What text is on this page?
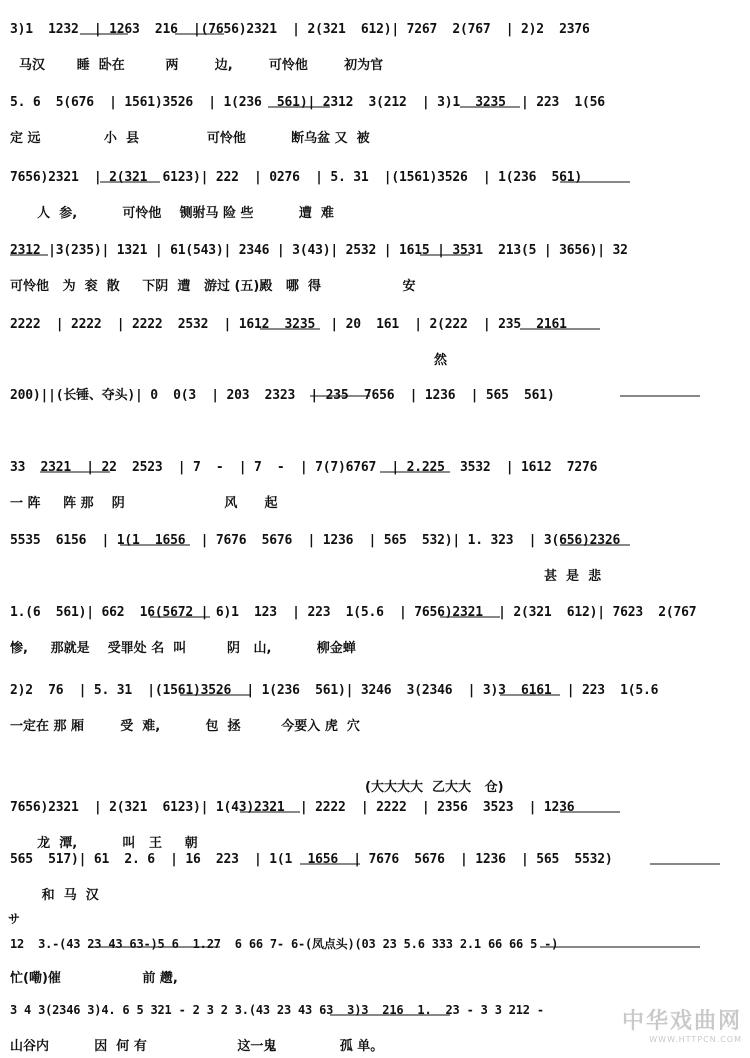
3)1  1232  | 1263  216  |(7656)2321  | 2(321  612)| 7267  2(767  | 2)2  2376
马汉       睡  卧在         两        边,        可怜他        初为官
5. 6  5(676  | 1561)3526  | 1(236  561)| 2312  3(212  | 3)1  3235  | 223  1(56
定 远              小  县               可怜他          断乌盆 又  被
7656)2321  | 2(321  6123)| 222  | 0276  | 5. 31  |(1561)3526  | 1(236  561)
人  参,          可怜他    铡驸马 险 些          遭  难
2312 |3(235)| 1321 | 61(543)| 2346 | 3(43)| 2532 | 1615 | 3531  213(5 | 3656)| 32
可怜他   为  衮  散     下阴  遭   游过 (五)殿   哪  得                  安
2222  | 2222  | 2222  2532  | 1612  3235  | 20  161  | 2(222  | 235  2161
然
200)||(长锤、夺头)| 0  0(3  | 203  2323  | 235  7656  | 1236  | 565  561)
33  2321  | 22  2523  | 7  -  | 7  -  | 7(7)6767  | 2.225  3532  | 1612  7276
一 阵     阵 那    阴                      风      起
5535  6156  | 1(1  1656  | 7676  5676  | 1236  | 565  532)| 1. 323  | 3(656)2326
甚  是  悲
1.(6  561)| 662  16(5672 | 6)1  123  | 223  1(5.6  | 7656)2321  | 2(321  612)| 7623  2(767
惨,     那就是    受罪处 名  叫         阴   山,          柳金蝉
2)2  76  | 5. 31  |(1561)3526  | 1(236  561)| 3246  3(2346  | 3)3  6161  | 223  1(5.6
一定在 那 厢        受  难,          包  拯         今要入 虎  穴
(大大大大  乙大大   仓)
7656)2321  | 2(321  6123)| 1(43)2321  | 2222  | 2222  | 2356  3523  | 1236
龙  潭,          叫   王     朝
565  517)| 61  2. 6  | 16  223  | 1(1  1656  | 7676  5676  | 1236  | 565  5532)
和  马  汉
サ
12  3.-(43 23 43 63-)5 6  1.27  6 66 7- 6-(凤点头)(03 23 5.6 333 2.1 66 66 5 -)
忙(嘞)催                  前 趱,
3 4 3(2346 3)4. 6 5 321 - 2 3 2 3.(43 23 43 63  3)3  216  1.  23 - 3 3 212 -
山谷内          因  何 有                    这一鬼              孤 单。
中华戏曲网
WWW.HTTPCN.COM
